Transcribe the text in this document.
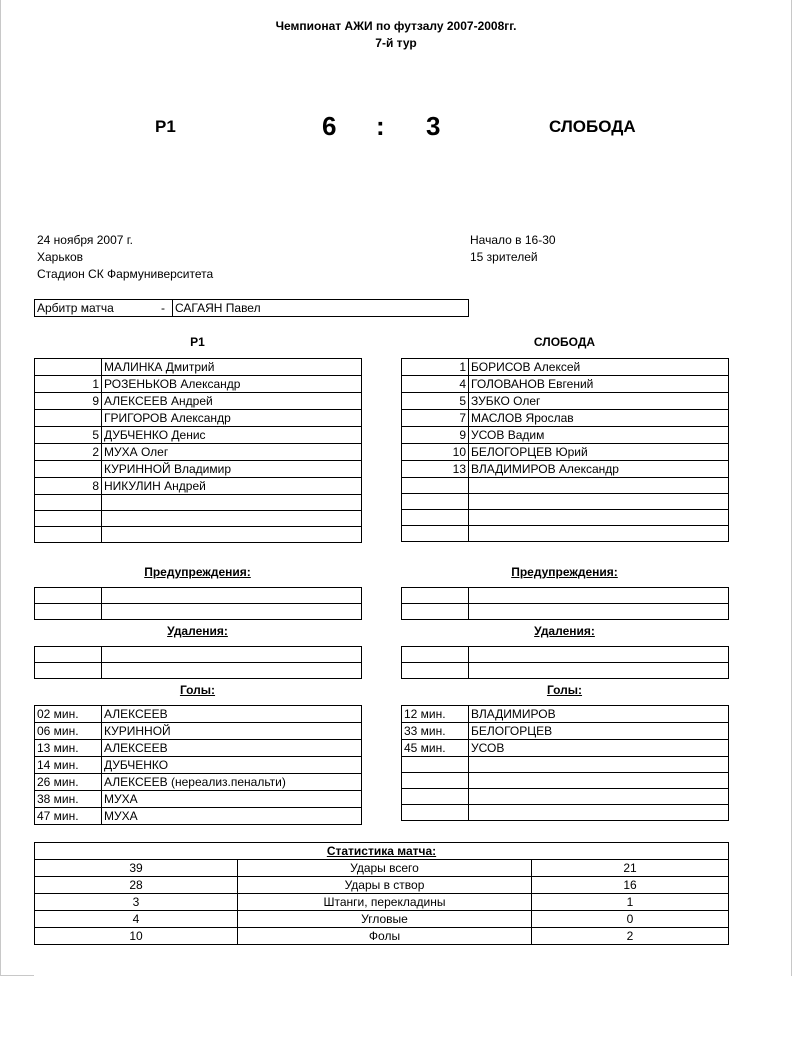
Чемпионат АЖИ по футзалу 2007-2008гг.
7-й тур
Р1	6 : 3	СЛОБОДА
24 ноября 2007 г.
Харьков
Стадион СК Фармуниверситета
Начало в 16-30
15 зрителей
Арбитр матча	-	САГАЯН Павел
Р1	СЛОБОДА
	МАЛИНКА Дмитрий
1	РОЗЕНЬКОВ Александр
9	АЛЕКСЕЕВ Андрей
	ГРИГОРОВ Александр
5	ДУБЧЕНКО Денис
2	МУХА Олег
	КУРИННОЙ Владимир
8	НИКУЛИН Андрей

1	БОРИСОВ Алексей
4	ГОЛОВАНОВ Евгений
5	ЗУБКО Олег
7	МАСЛОВ Ярослав
9	УСОВ Вадим
10	БЕЛОГОРЦЕВ Юрий
13	ВЛАДИМИРОВ Александр

Предупреждения:	Предупреждения:

Удаления:	Удаления:

Голы:	Голы:
02 мин.	АЛЕКСЕЕВ
06 мин.	КУРИННОЙ
13 мин.	АЛЕКСЕЕВ
14 мин.	ДУБЧЕНКО
26 мин.	АЛЕКСЕЕВ (нереализ.пенальти)
38 мин.	МУХА
47 мин.	МУХА
12 мин.	ВЛАДИМИРОВ
33 мин.	БЕЛОГОРЦЕВ
45 мин.	УСОВ

Статистика матча:		
39	Удары всего	21
28	Удары в створ	16
3	Штанги, перекладины	1
4	Угловые	0
10	Фолы	2
